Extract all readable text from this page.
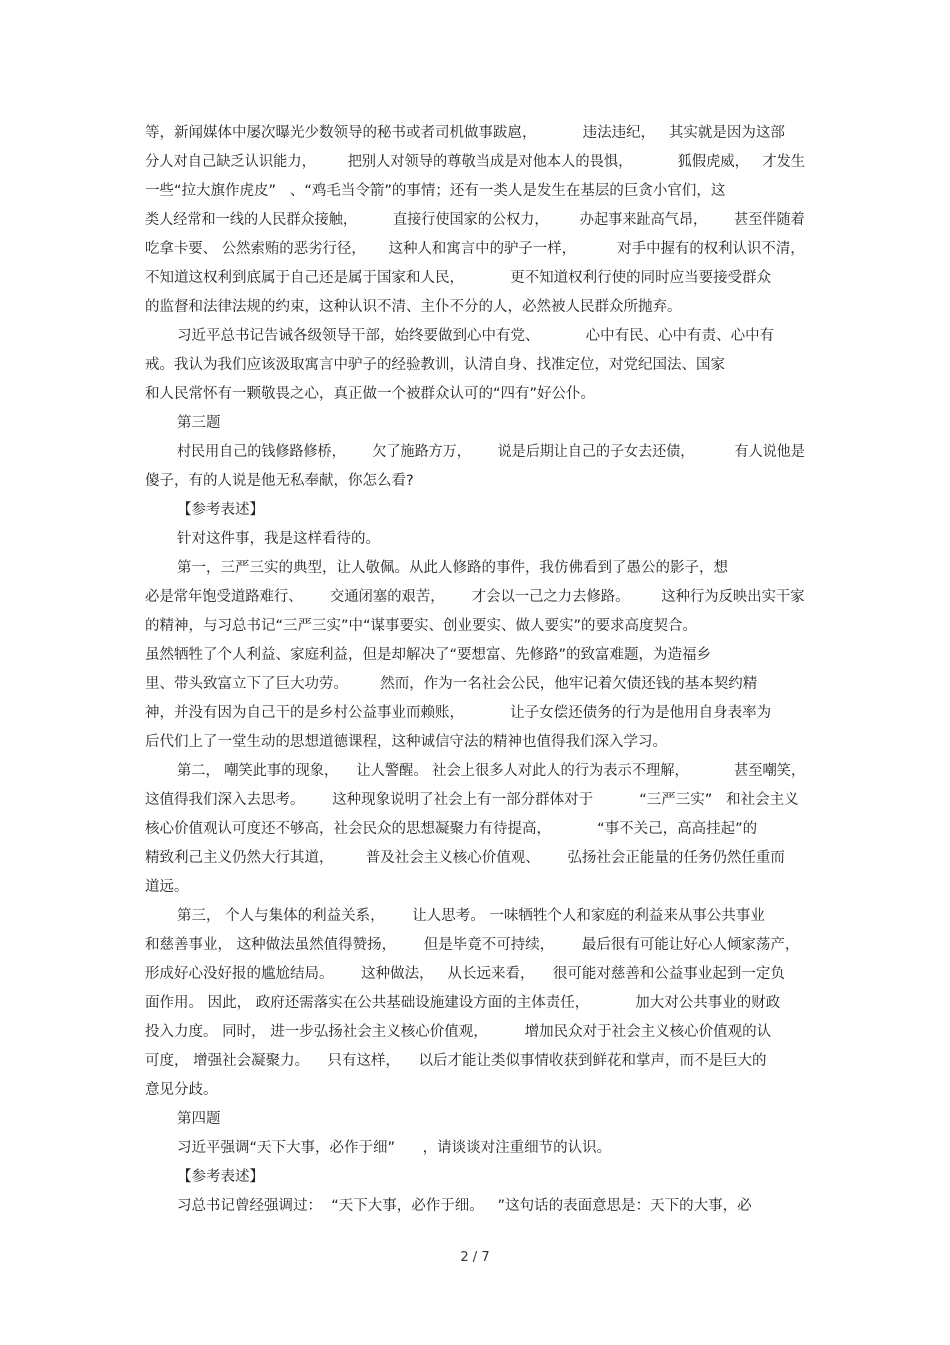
等，新闻媒体中屡次曝光少数领导的秘书或者司机做事跋扈，          违法违纪，   其实就是因为这部
分人对自己缺乏认识能力，       把别人对领导的尊敬当成是对他本人的畏惧，          狐假虎威，   才发生
一些“拉大旗作虎皮”   、“鸡毛当令箭”的事情；还有一类人是发生在基层的巨贪小官们，这
类人经常和一线的人民群众接触，        直接行使国家的公权力，       办起事来趾高气昂，      甚至伴随着
吃拿卡要、 公然索贿的恶劣行径，     这种人和寓言中的驴子一样，         对手中握有的权利认识不清，
不知道这权利到底属于自己还是属于国家和人民，          更不知道权利行使的同时应当要接受群众
的监督和法律法规的约束，这种认识不清、主仆不分的人，必然被人民群众所抛弃。
习近平总书记告诫各级领导干部，始终要做到心中有党、          心中有民、心中有责、心中有
戒。我认为我们应该汲取寓言中驴子的经验教训，认清自身、找准定位，对党纪国法、国家
和人民常怀有一颗敬畏之心，真正做一个被群众认可的“四有”好公仆。
第三题
村民用自己的钱修路修桥，      欠了施路方万，      说是后期让自己的子女去还债，         有人说他是
傻子，有的人说是他无私奉献，你怎么看?
【参考表述】
针对这件事，我是这样看待的。
第一，三严三实的典型，让人敬佩。从此人修路的事件，我仿佛看到了愚公的影子，想
必是常年饱受道路难行、      交通闭塞的艰苦，      才会以一己之力去修路。       这种行为反映出实干家
的精神，与习总书记“三严三实”中“谋事要实、创业要实、做人要实”的要求高度契合。
虽然牺牲了个人利益、家庭利益，但是却解决了“要想富、先修路”的致富难题，为造福乡
里、带头致富立下了巨大功劳。       然而，作为一名社会公民，他牢记着欠债还钱的基本契约精
神，并没有因为自己干的是乡村公益事业而赖账，          让子女偿还债务的行为是他用自身表率为
后代们上了一堂生动的思想道德课程，这种诚信守法的精神也值得我们深入学习。
第二， 嘲笑此事的现象，    让人警醒。 社会上很多人对此人的行为表示不理解，          甚至嘲笑，
这值得我们深入去思考。      这种现象说明了社会上有一部分群体对于          “三严三实”   和社会主义
核心价值观认可度还不够高，社会民众的思想凝聚力有待提高，          “事不关己，高高挂起”的
精致利己主义仍然大行其道，       普及社会主义核心价值观、      弘扬社会正能量的任务仍然任重而
道远。
第三， 个人与集体的利益关系，      让人思考。 一味牺牲个人和家庭的利益来从事公共事业
和慈善事业， 这种做法虽然值得赞扬，      但是毕竟不可持续，      最后很有可能让好心人倾家荡产，
形成好心没好报的尴尬结局。      这种做法，   从长远来看，    很可能对慈善和公益事业起到一定负
面作用。 因此， 政府还需落实在公共基础设施建设方面的主体责任，          加大对公共事业的财政
投入力度。 同时， 进一步弘扬社会主义核心价值观，        增加民众对于社会主义核心价值观的认
可度， 增强社会凝聚力。    只有这样，    以后才能让类似事情收获到鲜花和掌声，而不是巨大的
意见分歧。
第四题
习近平强调“天下大事，必作于细”      ，请谈谈对注重细节的认识。
【参考表述】
习总书记曾经强调过：  “天下大事，必作于细。   ”这句话的表面意思是：天下的大事，必
2 / 7
